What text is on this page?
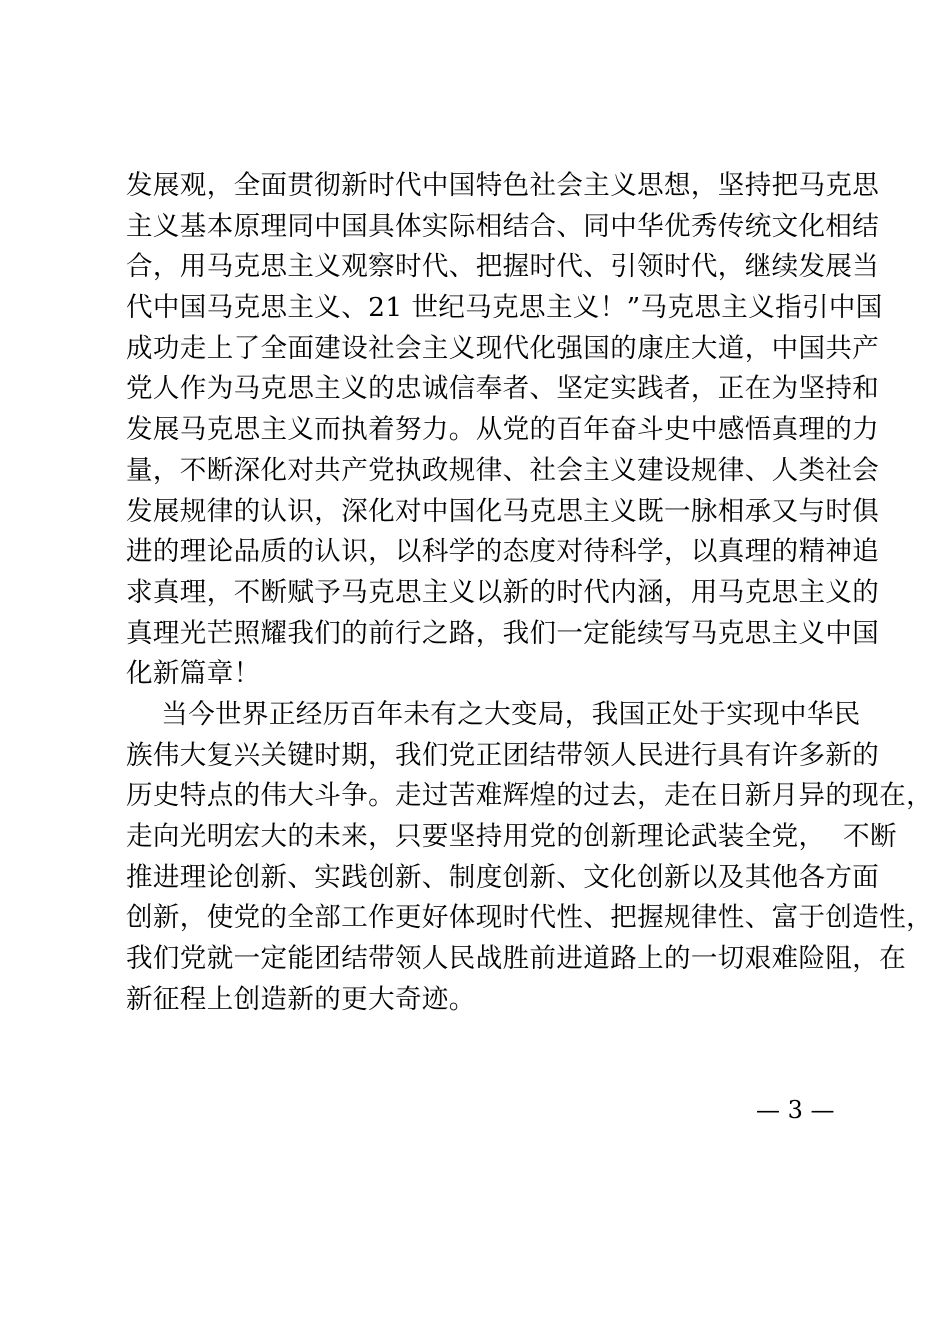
发展观，全面贯彻新时代中国特色社会主义思想，坚持把马克思
主义基本原理同中国具体实际相结合、同中华优秀传统文化相结
合，用马克思主义观察时代、把握时代、引领时代，继续发展当
代中国马克思主义、21 世纪马克思主义！”马克思主义指引中国
成功走上了全面建设社会主义现代化强国的康庄大道，中国共产
党人作为马克思主义的忠诚信奉者、坚定实践者，正在为坚持和
发展马克思主义而执着努力。从党的百年奋斗史中感悟真理的力
量，不断深化对共产党执政规律、社会主义建设规律、人类社会
发展规律的认识，深化对中国化马克思主义既一脉相承又与时俱
进的理论品质的认识，以科学的态度对待科学，以真理的精神追
求真理，不断赋予马克思主义以新的时代内涵，用马克思主义的
真理光芒照耀我们的前行之路，我们一定能续写马克思主义中国
化新篇章！
当今世界正经历百年未有之大变局，我国正处于实现中华民
族伟大复兴关键时期，我们党正团结带领人民进行具有许多新的
历史特点的伟大斗争。走过苦难辉煌的过去，走在日新月异的现在，
走向光明宏大的未来，只要坚持用党的创新理论武装全党，  不断
推进理论创新、实践创新、制度创新、文化创新以及其他各方面
创新，使党的全部工作更好体现时代性、把握规律性、富于创造性，
我们党就一定能团结带领人民战胜前进道路上的一切艰难险阻，在
新征程上创造新的更大奇迹。
— 3 —
